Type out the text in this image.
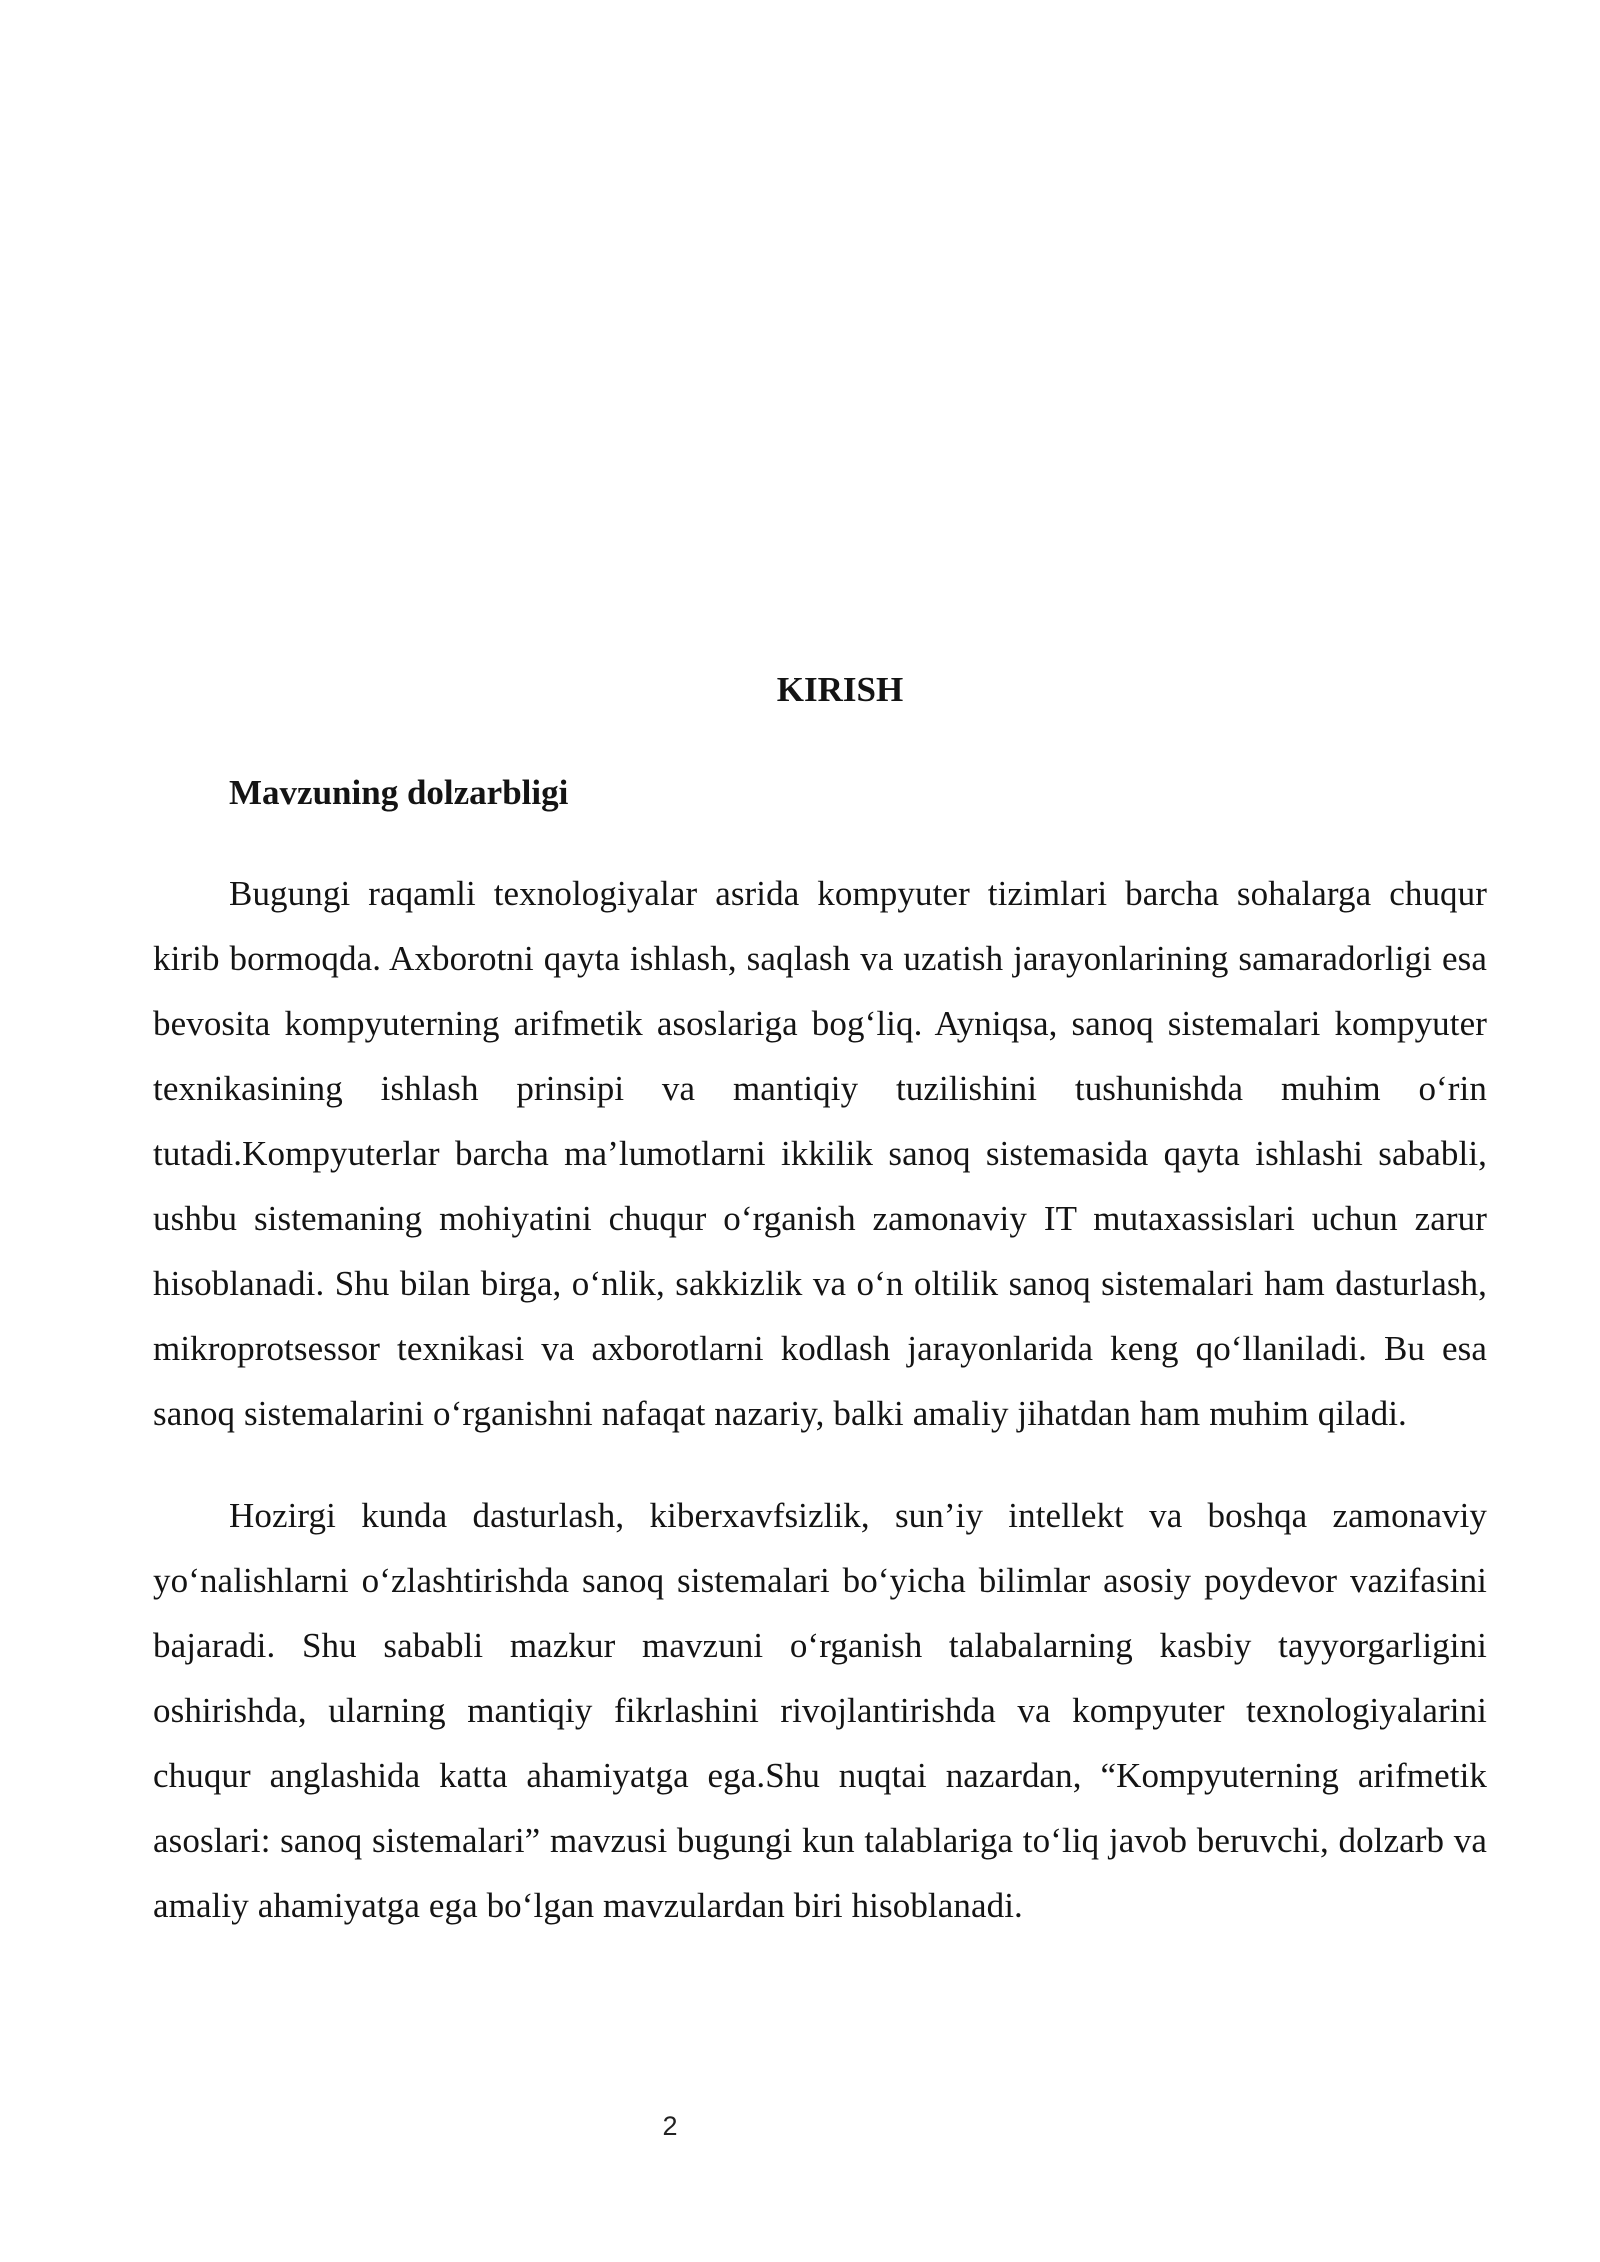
KIRISH
Mavzuning dolzarbligi

Bugungi raqamli texnologiyalar asrida kompyuter tizimlari barcha sohalarga chuqur kirib bormoqda. Axborotni qayta ishlash, saqlash va uzatish jarayonlarining samaradorligi esa bevosita kompyuterning arifmetik asoslariga bog‘liq. Ayniqsa, sanoq sistemalari kompyuter texnikasining ishlash prinsipi va mantiqiy tuzilishini tushunishda muhim o‘rin tutadi.Kompyuterlar barcha ma’lumotlarni ikkilik sanoq sistemasida qayta ishlashi sababli, ushbu sistemaning mohiyatini chuqur o‘rganish zamonaviy IT mutaxassislari uchun zarur hisoblanadi. Shu bilan birga, o‘nlik, sakkizlik va o‘n oltilik sanoq sistemalari ham dasturlash, mikroprotsessor texnikasi va axborotlarni kodlash jarayonlarida keng qo‘llaniladi. Bu esa sanoq sistemalarini o‘rganishni nafaqat nazariy, balki amaliy jihatdan ham muhim qiladi.

Hozirgi kunda dasturlash, kiberxavfsizlik, sun’iy intellekt va boshqa zamonaviy yo‘nalishlarni o‘zlashtirishda sanoq sistemalari bo‘yicha bilimlar asosiy poydevor vazifasini bajaradi. Shu sababli mazkur mavzuni o‘rganish talabalarning kasbiy tayyorgarligini oshirishda, ularning mantiqiy fikrlashini rivojlantirishda va kompyuter texnologiyalarini chuqur anglashida katta ahamiyatga ega.Shu nuqtai nazardan, “Kompyuterning arifmetik asoslari: sanoq sistemalari” mavzusi bugungi kun talablariga to‘liq javob beruvchi, dolzarb va amaliy ahamiyatga ega bo‘lgan mavzulardan biri hisoblanadi.

2
